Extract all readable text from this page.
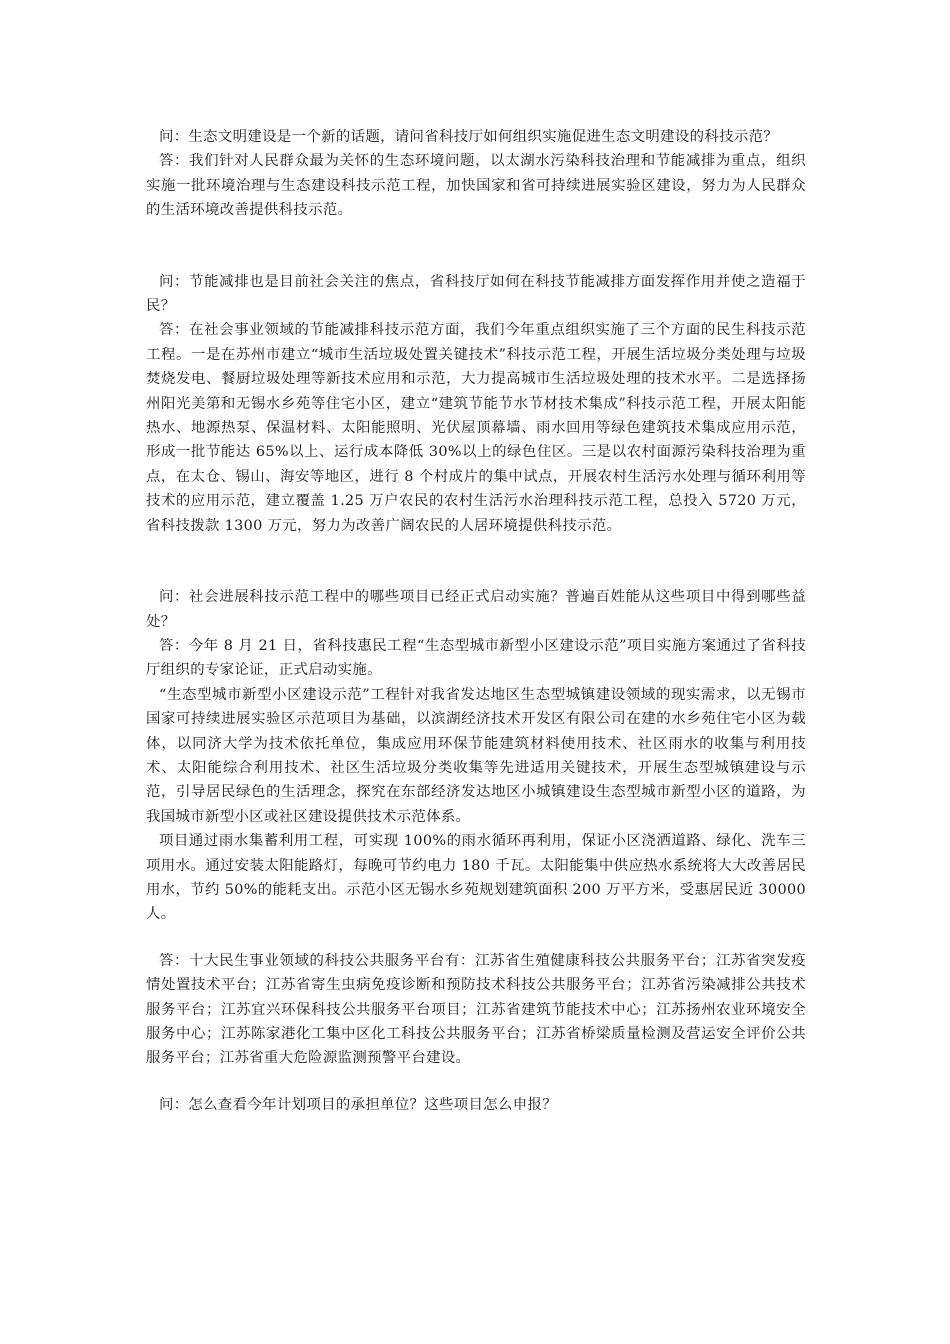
问：生态文明建设是一个新的话题，请问省科技厅如何组织实施促进生态文明建设的科技示范？

答：我们针对人民群众最为关怀的生态环境问题，以太湖水污染科技治理和节能减排为重点，组织实施一批环境治理与生态建设科技示范工程，加快国家和省可持续进展实验区建设，努力为人民群众的生活环境改善提供科技示范。

问：节能减排也是目前社会关注的焦点，省科技厅如何在科技节能减排方面发挥作用并使之造福于民？

答：在社会事业领域的节能减排科技示范方面，我们今年重点组织实施了三个方面的民生科技示范工程。一是在苏州市建立“城市生活垃圾处置关键技术”科技示范工程，开展生活垃圾分类处理与垃圾焚烧发电、餐厨垃圾处理等新技术应用和示范，大力提高城市生活垃圾处理的技术水平。二是选择扬州阳光美第和无锡水乡苑等住宅小区，建立“建筑节能节水节材技术集成”科技示范工程，开展太阳能热水、地源热泵、保温材料、太阳能照明、光伏屋顶幕墙、雨水回用等绿色建筑技术集成应用示范，形成一批节能达 65%以上、运行成本降低 30%以上的绿色住区。三是以农村面源污染科技治理为重点，在太仓、锡山、海安等地区，进行 8 个村成片的集中试点，开展农村生活污水处理与循环利用等技术的应用示范，建立覆盖 1.25 万户农民的农村生活污水治理科技示范工程，总投入 5720 万元，省科技拨款 1300 万元，努力为改善广阔农民的人居环境提供科技示范。

问：社会进展科技示范工程中的哪些项目已经正式启动实施？普遍百姓能从这些项目中得到哪些益处？

答：今年 8 月 21 日，省科技惠民工程“生态型城市新型小区建设示范”项目实施方案通过了省科技厅组织的专家论证，正式启动实施。

“生态型城市新型小区建设示范”工程针对我省发达地区生态型城镇建设领域的现实需求，以无锡市国家可持续进展实验区示范项目为基础，以滨湖经济技术开发区有限公司在建的水乡苑住宅小区为载体，以同济大学为技术依托单位，集成应用环保节能建筑材料使用技术、社区雨水的收集与利用技术、太阳能综合利用技术、社区生活垃圾分类收集等先进适用关键技术，开展生态型城镇建设与示范，引导居民绿色的生活理念，探究在东部经济发达地区小城镇建设生态型城市新型小区的道路，为我国城市新型小区或社区建设提供技术示范体系。

项目通过雨水集蓄利用工程，可实现 100%的雨水循环再利用，保证小区浇洒道路、绿化、洗车三项用水。通过安装太阳能路灯，每晚可节约电力 180 千瓦。太阳能集中供应热水系统将大大改善居民用水，节约 50%的能耗支出。示范小区无锡水乡苑规划建筑面积 200 万平方米，受惠居民近 30000 人。

答：十大民生事业领域的科技公共服务平台有：江苏省生殖健康科技公共服务平台；江苏省突发疫情处置技术平台；江苏省寄生虫病免疫诊断和预防技术科技公共服务平台；江苏省污染减排公共技术服务平台；江苏宜兴环保科技公共服务平台项目；江苏省建筑节能技术中心；江苏扬州农业环境安全服务中心；江苏陈家港化工集中区化工科技公共服务平台；江苏省桥梁质量检测及营运安全评价公共服务平台；江苏省重大危险源监测预警平台建设。

问：怎么查看今年计划项目的承担单位？这些项目怎么申报？
